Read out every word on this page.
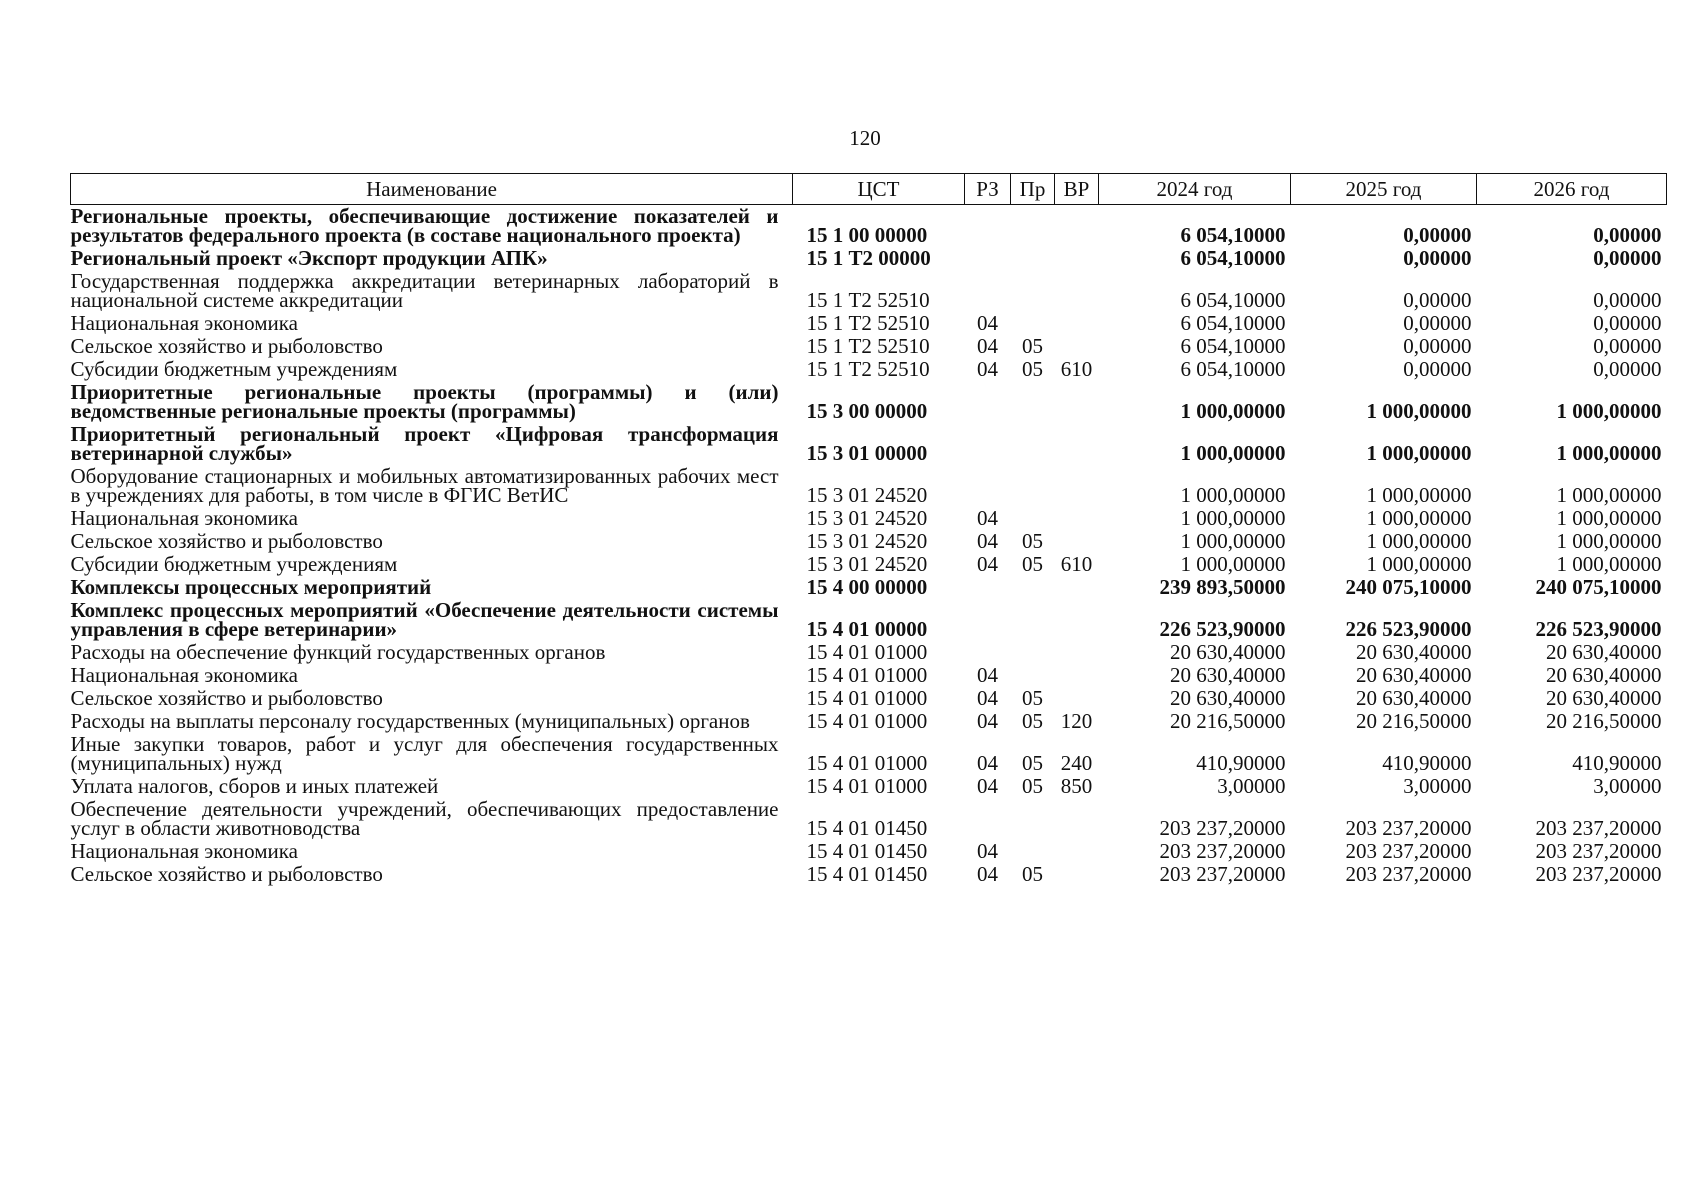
120
Наименование	ЦСТ	РЗ	Пр	ВР	2024 год	2025 год	2026 год
Региональные проекты, обеспечивающие достижение показателей и результатов федерального проекта (в составе национального проекта)	15 1 00 00000				6 054,10000	0,00000	0,00000
Региональный проект «Экспорт продукции АПК»	15 1 Т2 00000				6 054,10000	0,00000	0,00000
Государственная поддержка аккредитации ветеринарных лабораторий в национальной системе аккредитации	15 1 Т2 52510				6 054,10000	0,00000	0,00000
Национальная экономика	15 1 Т2 52510	04			6 054,10000	0,00000	0,00000
Сельское хозяйство и рыболовство	15 1 Т2 52510	04	05		6 054,10000	0,00000	0,00000
Субсидии бюджетным учреждениям	15 1 Т2 52510	04	05	610	6 054,10000	0,00000	0,00000
Приоритетные региональные проекты (программы) и (или) ведомственные региональные проекты (программы)	15 3 00 00000				1 000,00000	1 000,00000	1 000,00000
Приоритетный региональный проект «Цифровая трансформация ветеринарной службы»	15 3 01 00000				1 000,00000	1 000,00000	1 000,00000
Оборудование стационарных и мобильных автоматизированных рабочих мест в учреждениях для работы, в том числе в ФГИС ВетИС	15 3 01 24520				1 000,00000	1 000,00000	1 000,00000
Национальная экономика	15 3 01 24520	04			1 000,00000	1 000,00000	1 000,00000
Сельское хозяйство и рыболовство	15 3 01 24520	04	05		1 000,00000	1 000,00000	1 000,00000
Субсидии бюджетным учреждениям	15 3 01 24520	04	05	610	1 000,00000	1 000,00000	1 000,00000
Комплексы процессных мероприятий	15 4 00 00000				239 893,50000	240 075,10000	240 075,10000
Комплекс процессных мероприятий «Обеспечение деятельности системы управления в сфере ветеринарии»	15 4 01 00000				226 523,90000	226 523,90000	226 523,90000
Расходы на обеспечение функций государственных органов	15 4 01 01000				20 630,40000	20 630,40000	20 630,40000
Национальная экономика	15 4 01 01000	04			20 630,40000	20 630,40000	20 630,40000
Сельское хозяйство и рыболовство	15 4 01 01000	04	05		20 630,40000	20 630,40000	20 630,40000
Расходы на выплаты персоналу государственных (муниципальных) органов	15 4 01 01000	04	05	120	20 216,50000	20 216,50000	20 216,50000
Иные закупки товаров, работ и услуг для обеспечения государственных (муниципальных) нужд	15 4 01 01000	04	05	240	410,90000	410,90000	410,90000
Уплата налогов, сборов и иных платежей	15 4 01 01000	04	05	850	3,00000	3,00000	3,00000
Обеспечение деятельности учреждений, обеспечивающих предоставление услуг в области животноводства	15 4 01 01450				203 237,20000	203 237,20000	203 237,20000
Национальная экономика	15 4 01 01450	04			203 237,20000	203 237,20000	203 237,20000
Сельское хозяйство и рыболовство	15 4 01 01450	04	05		203 237,20000	203 237,20000	203 237,20000
